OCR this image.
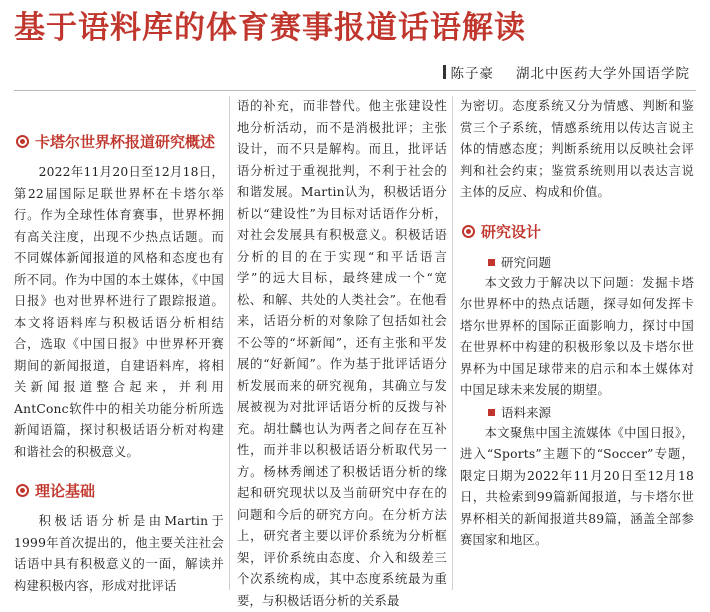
基于语料库的体育赛事报道话语解读
陈子豪 湖北中医药大学外国语学院
卡塔尔世界杯报道研究概述

2022年11月20日至12月18日，第22届国际足联世界杯在卡塔尔举行。作为全球性体育赛事，世界杯拥有高关注度，出现不少热点话题。而不同媒体新闻报道的风格和态度也有所不同。作为中国的本土媒体，《中国日报》也对世界杯进行了跟踪报道。本文将语料库与积极话语分析相结合，选取《中国日报》中世界杯开赛期间的新闻报道，自建语料库，将相关新闻报道整合起来，并利用AntConc软件中的相关功能分析所选新闻语篇，探讨积极话语分析对构建和谐社会的积极意义。

理论基础

积极话语分析是由Martin于1999年首次提出的，他主要关注社会话语中具有积极意义的一面，解读并构建积极内容，形成对批评话

语的补充，而非替代。他主张建设性地分析活动，而不是消极批评；主张设计，而不只是解构。而且，批评话语分析过于重视批判，不利于社会的和谐发展。Martin认为，积极话语分析以“建设性”为目标对话语作分析，对社会发展具有积极意义。积极话语分析的目的在于实现“和平话语言学”的远大目标，最终建成一个“宽松、和解、共处的人类社会”。在他看来，话语分析的对象除了包括如社会不公等的“坏新闻”，还有主张和平发展的“好新闻”。作为基于批评话语分析发展而来的研究视角，其确立与发展被视为对批评话语分析的反拨与补充。胡壮麟也认为两者之间存在互补性，而并非以积极话语分析取代另一方。杨林秀阐述了积极话语分析的缘起和研究现状以及当前研究中存在的问题和今后的研究方向。在分析方法上，研究者主要以评价系统为分析框架，评价系统由态度、介入和级差三个次系统构成，其中态度系统最为重要，与积极话语分析的关系最

为密切。态度系统又分为情感、判断和鉴赏三个子系统，情感系统用以传达言说主体的情感态度；判断系统用以反映社会评判和社会约束；鉴赏系统则用以表达言说主体的反应、构成和价值。

研究设计
研究问题

本文致力于解决以下问题：发掘卡塔尔世界杯中的热点话题，探寻如何发挥卡塔尔世界杯的国际正面影响力，探讨中国在世界杯中构建的积极形象以及卡塔尔世界杯为中国足球带来的启示和本土媒体对中国足球未来发展的期望。

语料来源

本文聚焦中国主流媒体《中国日报》，进入“Sports”主题下的“Soccer”专题，限定日期为2022年11月20日至12月18日，共检索到99篇新闻报道，与卡塔尔世界杯相关的新闻报道共89篇，涵盖全部参赛国家和地区。
